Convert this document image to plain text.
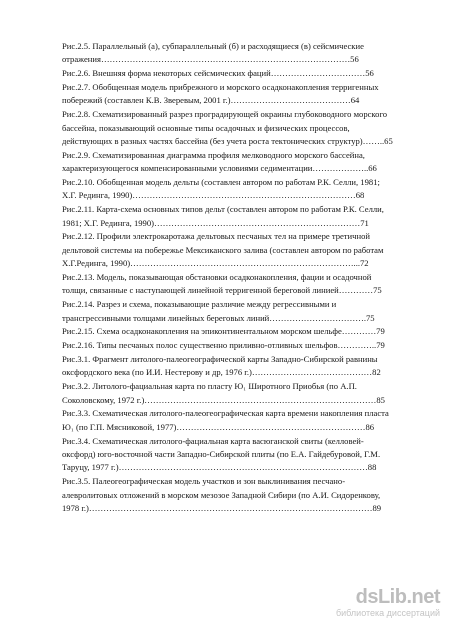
Рис.2.5. Параллельный (а), субпараллельный (б) и расходящиеся (в) сейсмические
отражения……………………………………………………………………………56
Рис.2.6. Внешняя форма некоторых сейсмических фаций……………………………56
Рис.2.7. Обобщенная модель прибрежного и морского осадконакопления терригенных
побережий (составлен К.В. Зверевым, 2001 г.)……………………………………64
Рис.2.8. Схематизированный разрез проградирующей окраины глубоководного морского
бассейна, показывающий основные типы осадочных и физических процессов,
действующих в разных частях бассейна (без учета роста тектонических структур)……..65
Рис.2.9. Схематизированная диаграмма профиля мелководного морского бассейна,
характеризующегося компенсированными условиями седиментации………………..66
Рис.2.10. Обобщенная модель дельты (составлен автором по работам Р.К. Селли, 1981;
Х.Г. Рединга, 1990)……………………………………………………………………68
Рис.2.11. Карта-схема основных типов дельт (составлен автором по работам Р.К. Селли,
1981; Х.Г. Рединга, 1990)………………………………………………………………71
Рис.2.12. Профили электрокаротажа дельтовых песчаных тел на примере третичной
дельтовой системы на побережье Мексиканского залива (составлен автором по работам
Х.Г.Рединга, 1990)……………………………………………………………………...72
Рис.2.13. Модель, показывающая обстановки осадконакопления, фации и осадочной
толщи, связанные с наступающей линейной терригенной береговой линией…………75
Рис.2.14. Разрез и схема, показывающие различие между регрессивными и
трансгрессивными толщами линейных береговых линий…………………………….75
Рис.2.15. Схема осадконакопления на эпиконтинентальном морском шельфе…………79
Рис.2.16. Типы песчаных полос существенно приливно-отливных шельфов…………..79
Рис.3.1. Фрагмент литолого-палеогеографической карты Западно-Сибирской равнины
оксфордского века (по И.И. Нестерову и др, 1976 г.)……………………………………82
Рис.3.2. Литолого-фациальная карта по пласту Ю₁ Широтного Приобья (по А.П.
Соколовскому, 1972 г.)………………………………………………………………………85
Рис.3.3. Схематическая литолого-палеогеографическая карта времени накопления пласта
Ю₁ (по Г.П. Мясниковой, 1977)…………………………………………………………86
Рис.3.4. Схематическая литолого-фациальная карта васюганской свиты (келловей-
оксфорд) юго-восточной части Западно-Сибирской плиты (по Е.А. Гайдебуровой, Г.М.
Таруцу, 1977 г.)……………………………………………………………………………88
Рис.3.5. Палеогеографическая модель участков и зон выклинивания песчано-
алевролитовых отложений в морском мезозое Западной Сибири (по А.И. Сидоренкову,
1978 г.)………………………………………………………………………………………89
dsLib.net
библиотека диссертаций
